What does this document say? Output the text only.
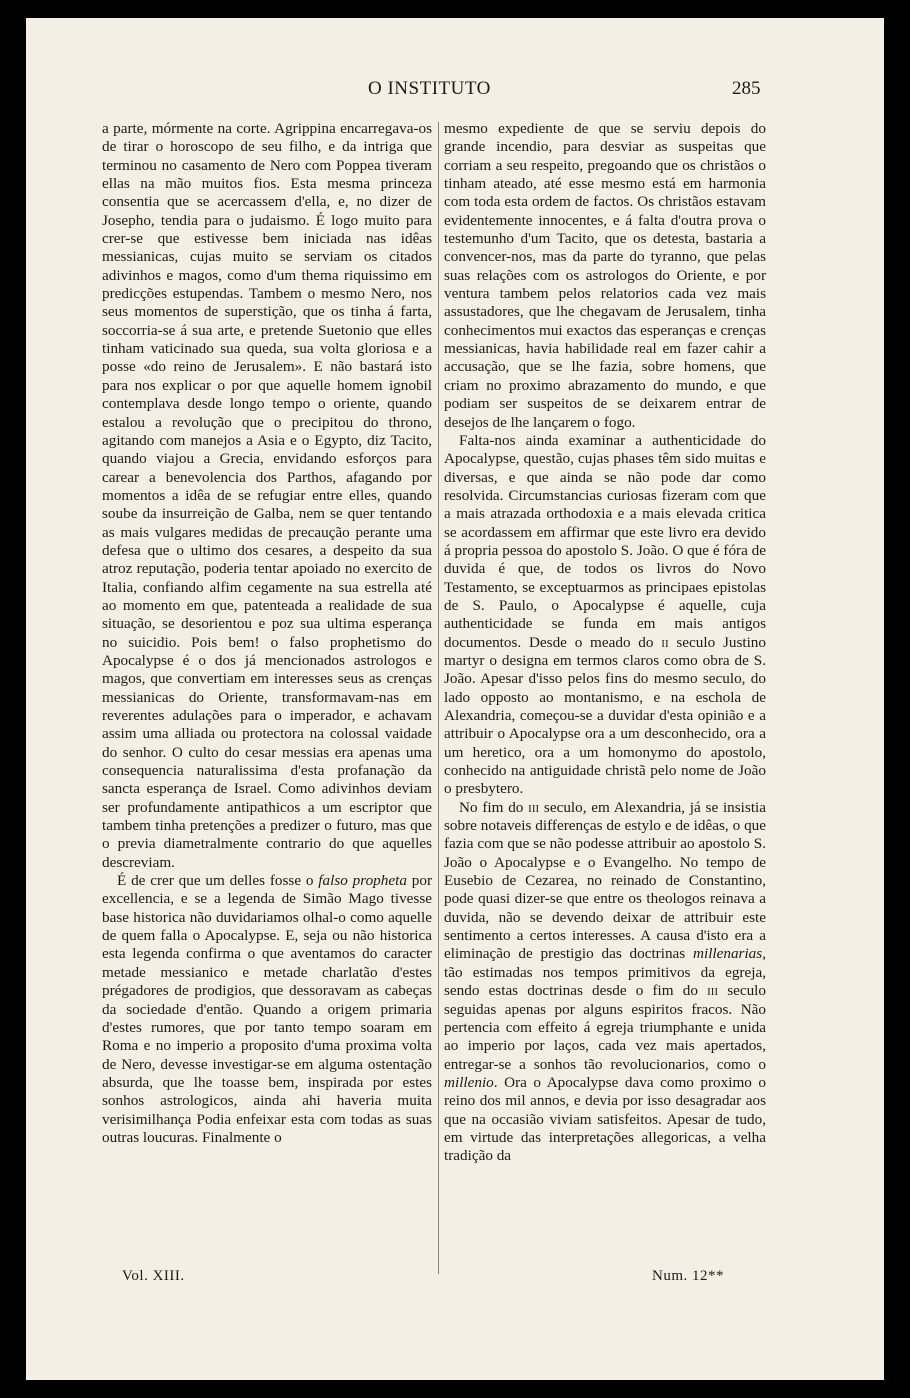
O INSTITUTO	285

a parte, mórmente na corte. Agrippina encarregava-os de tirar o horoscopo de seu filho, e da intriga que terminou no casamento de Nero com Poppea tiveram ellas na mão muitos fios. Esta mesma princeza consentia que se acercassem d'ella, e, no dizer de Josepho, tendia para o judaismo. É logo muito para crer-se que estivesse bem iniciada nas idêas messianicas, cujas muito se serviam os citados adivinhos e magos, como d'um thema riquissimo em predicções estupendas. Tambem o mesmo Nero, nos seus momentos de superstição, que os tinha á farta, soccorria-se á sua arte, e pretende Suetonio que elles tinham vaticinado sua queda, sua volta gloriosa e a posse «do reino de Jerusalem». E não bastará isto para nos explicar o por que aquelle homem ignobil contemplava desde longo tempo o oriente, quando estalou a revolução que o precipitou do throno, agitando com manejos a Asia e o Egypto, diz Tacito, quando viajou a Grecia, envidando esforços para carear a benevolencia dos Parthos, afagando por momentos a idêa de se refugiar entre elles, quando soube da insurreição de Galba, nem se quer tentando as mais vulgares medidas de precaução perante uma defesa que o ultimo dos cesares, a despeito da sua atroz reputação, poderia tentar apoiado no exercito de Italia, confiando alfim cegamente na sua estrella até ao momento em que, patenteada a realidade de sua situação, se desorientou e poz sua ultima esperança no suicidio. Pois bem! o falso prophetismo do Apocalypse é o dos já mencionados astrologos e magos, que convertiam em interesses seus as crenças messianicas do Oriente, transformavam-nas em reverentes adulações para o imperador, e achavam assim uma alliada ou protectora na colossal vaidade do senhor. O culto do cesar messias era apenas uma consequencia naturalissima d'esta profanação da sancta esperança de Israel. Como adivinhos deviam ser profundamente antipathicos a um escriptor que tambem tinha pretenções a predizer o futuro, mas que o previa diametralmente contrario do que aquelles descreviam.

É de crer que um delles fosse o falso propheta por excellencia, e se a legenda de Simão Mago tivesse base historica não duvidariamos olhal-o como aquelle de quem falla o Apocalypse. E, seja ou não historica esta legenda confirma o que aventamos do caracter metade messianico e metade charlatão d'estes prégadores de prodigios, que dessoravam as cabeças da sociedade d'então. Quando a origem primaria d'estes rumores, que por tanto tempo soaram em Roma e no imperio a proposito d'uma proxima volta de Nero, devesse investigar-se em alguma ostentação absurda, que lhe toasse bem, inspirada por estes sonhos astrologicos, ainda ahi haveria muita verisimilhança Podia enfeixar esta com todas as suas outras loucuras. Finalmente o

mesmo expediente de que se serviu depois do grande incendio, para desviar as suspeitas que corriam a seu respeito, pregoando que os christãos o tinham ateado, até esse mesmo está em harmonia com toda esta ordem de factos. Os christãos estavam evidentemente innocentes, e á falta d'outra prova o testemunho d'um Tacito, que os detesta, bastaria a convencer-nos, mas da parte do tyranno, que pelas suas relações com os astrologos do Oriente, e por ventura tambem pelos relatorios cada vez mais assustadores, que lhe chegavam de Jerusalem, tinha conhecimentos mui exactos das esperanças e crenças messianicas, havia habilidade real em fazer cahir a accusação, que se lhe fazia, sobre homens, que criam no proximo abrazamento do mundo, e que podiam ser suspeitos de se deixarem entrar de desejos de lhe lançarem o fogo.

Falta-nos ainda examinar a authenticidade do Apocalypse, questão, cujas phases têm sido muitas e diversas, e que ainda se não pode dar como resolvida. Circumstancias curiosas fizeram com que a mais atrazada orthodoxia e a mais elevada critica se acordassem em affirmar que este livro era devido á propria pessoa do apostolo S. João. O que é fóra de duvida é que, de todos os livros do Novo Testamento, se exceptuarmos as principaes epistolas de S. Paulo, o Apocalypse é aquelle, cuja authenticidade se funda em mais antigos documentos. Desde o meado do ii seculo Justino martyr o designa em termos claros como obra de S. João. Apesar d'isso pelos fins do mesmo seculo, do lado opposto ao montanismo, e na eschola de Alexandria, começou-se a duvidar d'esta opinião e a attribuir o Apocalypse ora a um desconhecido, ora a um heretico, ora a um homonymo do apostolo, conhecido na antiguidade christã pelo nome de João o presbytero.

No fim do iii seculo, em Alexandria, já se insistia sobre notaveis differenças de estylo e de idêas, o que fazia com que se não podesse attribuir ao apostolo S. João o Apocalypse e o Evangelho. No tempo de Eusebio de Cezarea, no reinado de Constantino, pode quasi dizer-se que entre os theologos reinava a duvida, não se devendo deixar de attribuir este sentimento a certos interesses. A causa d'isto era a eliminação de prestigio das doctrinas millenarias, tão estimadas nos tempos primitivos da egreja, sendo estas doctrinas desde o fim do iii seculo seguidas apenas por alguns espiritos fracos. Não pertencia com effeito á egreja triumphante e unida ao imperio por laços, cada vez mais apertados, entregar-se a sonhos tão revolucionarios, como o millenio. Ora o Apocalypse dava como proximo o reino dos mil annos, e devia por isso desagradar aos que na occasião viviam satisfeitos. Apesar de tudo, em virtude das interpretações allegoricas, a velha tradição da

Vol. XIII.	Num. 12**
